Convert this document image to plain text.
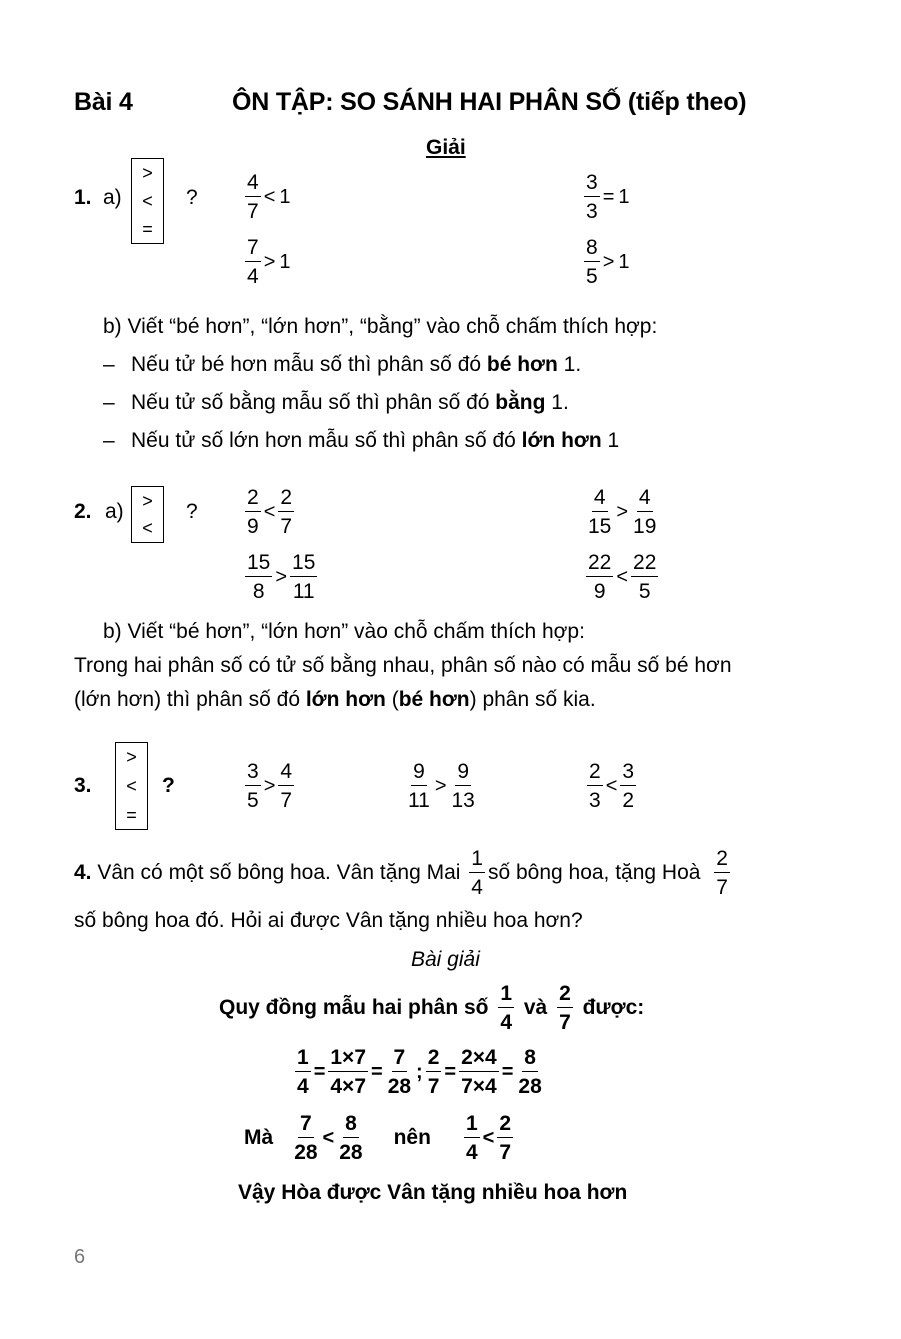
Bài 4	ÔN TẬP: SO SÁNH HAI PHÂN SỐ (tiếp theo)
Giải
1. a)
>
<
=
? $\frac{4}{7} < 1$	$\frac{3}{3} = 1$
$\frac{7}{4} > 1$	$\frac{8}{5} > 1$
b) Viết “bé hơn”, “lớn hơn”, “bằng” vào chỗ chấm thích hợp:
– Nếu tử bé hơn mẫu số thì phân số đó bé hơn 1.
– Nếu tử số bằng mẫu số thì phân số đó bằng 1.
– Nếu tử số lớn hơn mẫu số thì phân số đó lớn hơn 1
2. a) >
<
? $\frac{2}{9} < \frac{2}{7}$	$\frac{4}{15} > \frac{4}{19}$
$\frac{15}{8} > \frac{15}{11}$	$\frac{22}{9} < \frac{22}{5}$
b) Viết “bé hơn”, “lớn hơn” vào chỗ chấm thích hợp:
Trong hai phân số có tử số bằng nhau, phân số nào có mẫu số bé hơn
(lớn hơn) thì phân số đó lớn hơn (bé hơn) phân số kia.
3.
>
<
=
?	$\frac{3}{5} > \frac{4}{7}$	$\frac{9}{11} > \frac{9}{13}$	$\frac{2}{3} < \frac{3}{2}$
4. Vân có một số bông hoa. Vân tặng Mai $\frac{1}{4}$ số bông hoa, tặng Hoà $\frac{2}{7}$
số bông hoa đó. Hỏi ai được Vân tặng nhiều hoa hơn?
Bài giải
Quy đồng mẫu hai phân số $\frac{1}{4}$ và $\frac{2}{7}$ được:
$\frac{1}{4} = \frac{1\times 7}{4\times 7} = \frac{7}{28}$ ; $\frac{2}{7} = \frac{2\times 4}{7\times 4} = \frac{8}{28}$
Mà $\frac{7}{28} < \frac{8}{28}$ nên $\frac{1}{4} < \frac{2}{7}$
Vậy Hòa được Vân tặng nhiều hoa hơn
6
